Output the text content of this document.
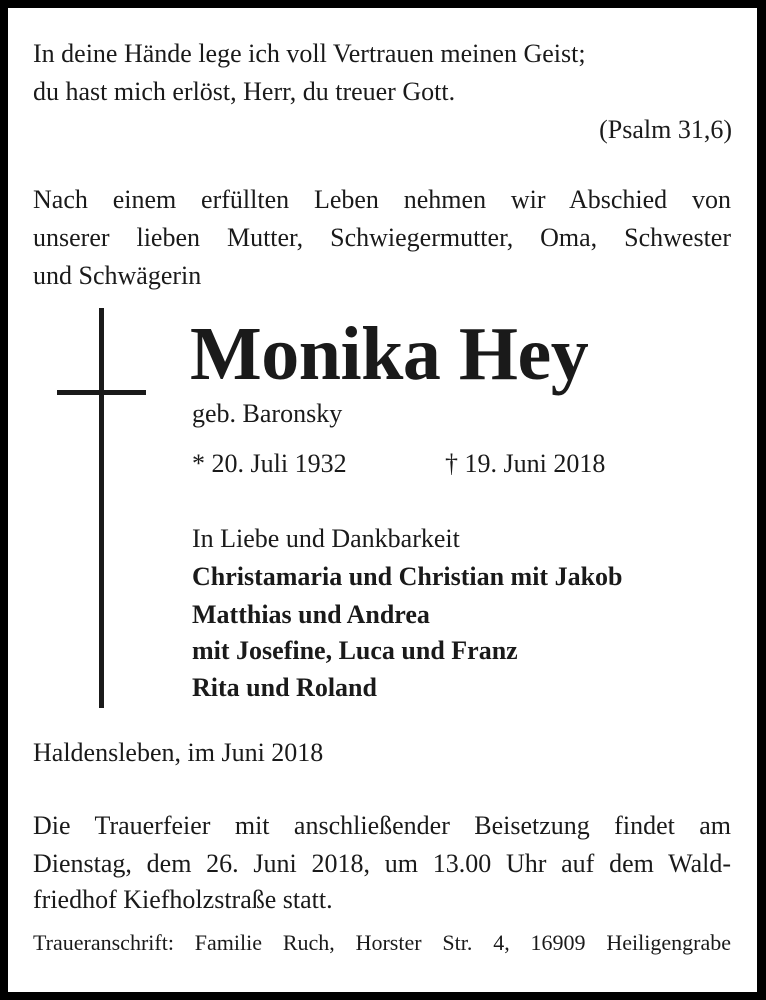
In deine Hände lege ich voll Vertrauen meinen Geist;

du hast mich erlöst, Herr, du treuer Gott.

(Psalm 31,6)

Nach einem erfüllten Leben nehmen wir Abschied von

unserer lieben Mutter, Schwiegermutter, Oma, Schwester

und Schwägerin

Monika Hey

geb. Baronsky

* 20. Juli 1932	† 19. Juni 2018

In Liebe und Dankbarkeit

Christamaria und Christian mit Jakob

Matthias und Andrea

mit Josefine, Luca und Franz

Rita und Roland

Haldensleben, im Juni 2018

Die Trauerfeier mit anschließender Beisetzung findet am

Dienstag, dem 26. Juni 2018, um 13.00 Uhr auf dem Wald-

friedhof Kiefholzstraße statt.

Traueranschrift: Familie Ruch, Horster Str. 4, 16909 Heiligengrabe
